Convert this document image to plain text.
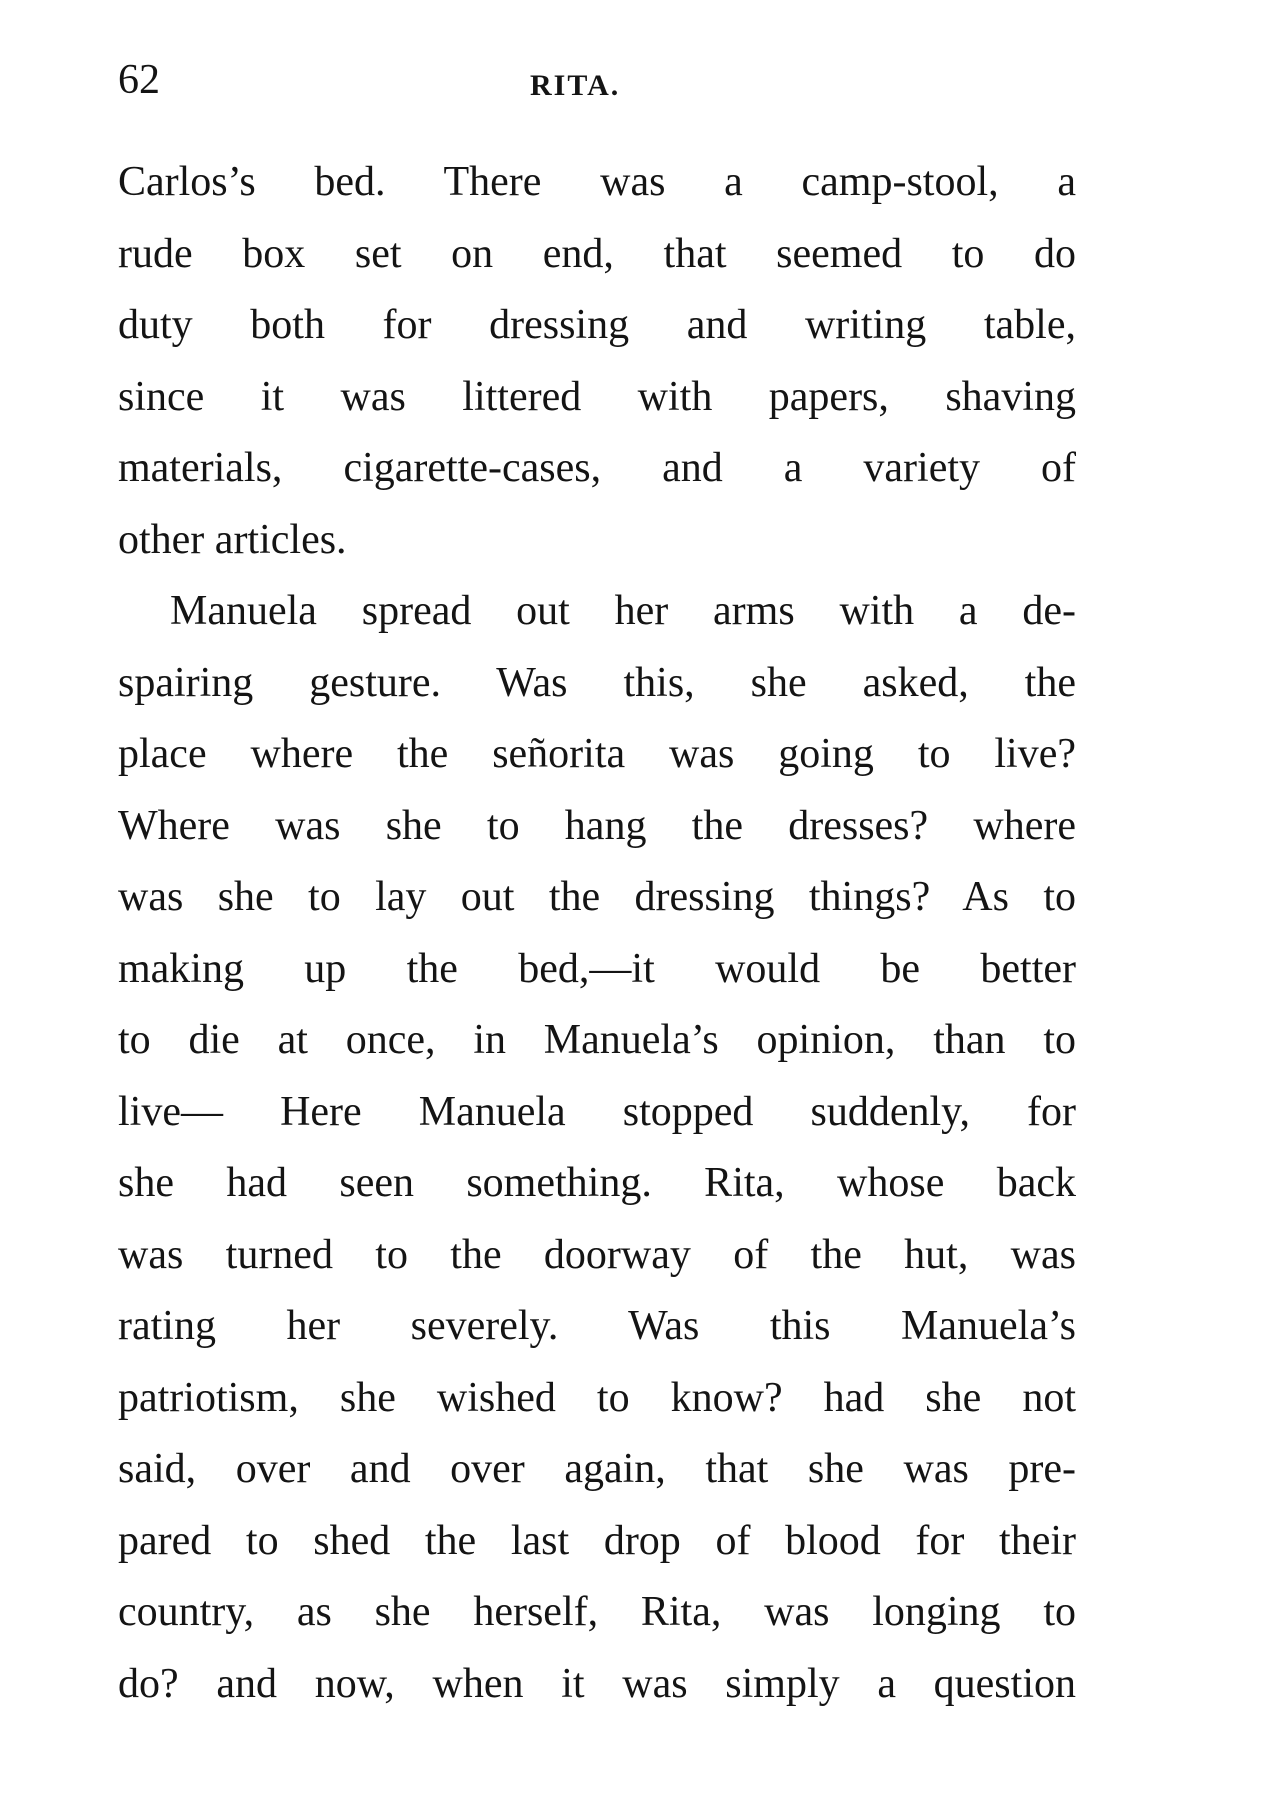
62	RITA.
Carlos’s bed. There was a camp-stool, a
rude box set on end, that seemed to do
duty both for dressing and writing table,
since it was littered with papers, shaving
materials, cigarette-cases, and a variety of
other articles.
Manuela spread out her arms with a de-
spairing gesture. Was this, she asked, the
place where the señorita was going to live?
Where was she to hang the dresses? where
was she to lay out the dressing things? As to
making up the bed,—it would be better
to die at once, in Manuela’s opinion, than to
live— Here Manuela stopped suddenly, for
she had seen something. Rita, whose back
was turned to the doorway of the hut, was
rating her severely. Was this Manuela’s
patriotism, she wished to know? had she not
said, over and over again, that she was pre-
pared to shed the last drop of blood for their
country, as she herself, Rita, was longing to
do? and now, when it was simply a question
